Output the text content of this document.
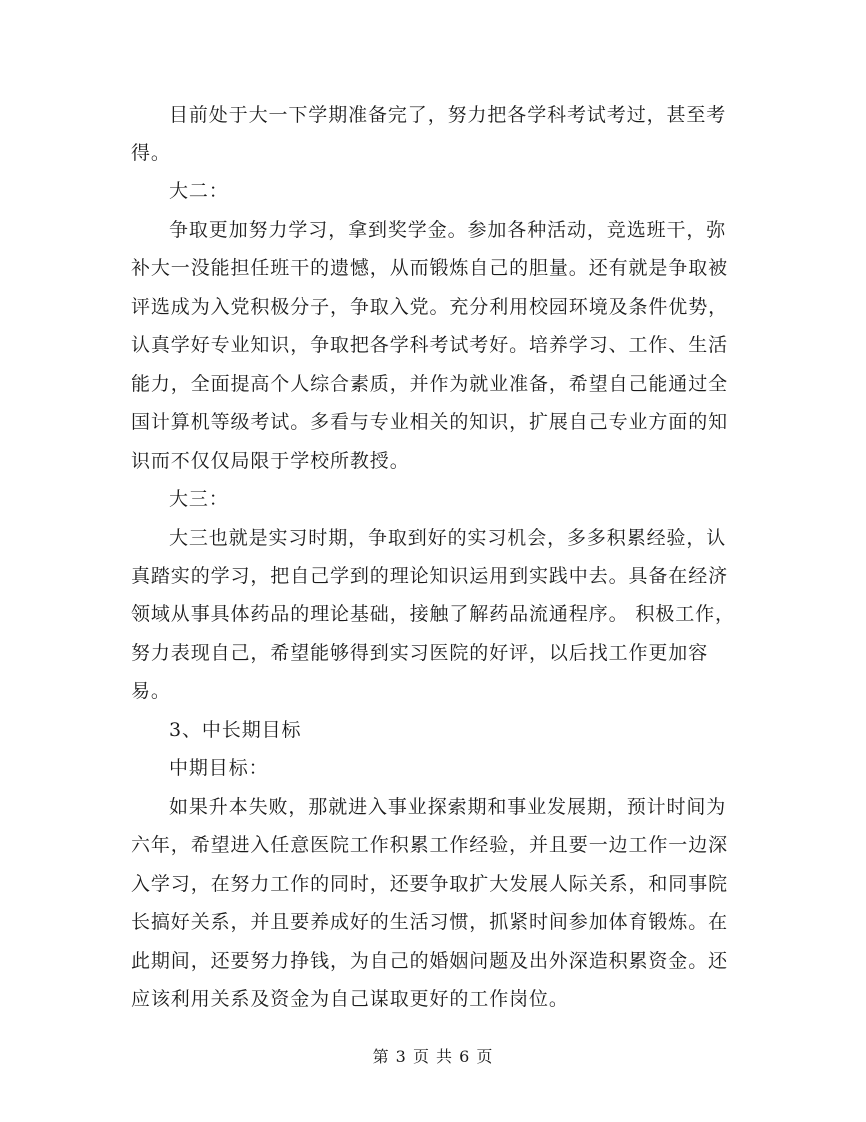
目前处于大一下学期准备完了，努力把各学科考试考过，甚至考
得。
大二：
争取更加努力学习，拿到奖学金。参加各种活动，竞选班干，弥
补大一没能担任班干的遗憾，从而锻炼自己的胆量。还有就是争取被
评选成为入党积极分子，争取入党。充分利用校园环境及条件优势，
认真学好专业知识，争取把各学科考试考好。培养学习、工作、生活
能力，全面提高个人综合素质，并作为就业准备，希望自己能通过全
国计算机等级考试。多看与专业相关的知识，扩展自己专业方面的知
识而不仅仅局限于学校所教授。
大三：
大三也就是实习时期，争取到好的实习机会，多多积累经验，认
真踏实的学习，把自己学到的理论知识运用到实践中去。具备在经济
领域从事具体药品的理论基础，接触了解药品流通程序。 积极工作，
努力表现自己，希望能够得到实习医院的好评，以后找工作更加容
易。
3、中长期目标
中期目标：
如果升本失败，那就进入事业探索期和事业发展期，预计时间为
六年，希望进入任意医院工作积累工作经验，并且要一边工作一边深
入学习，在努力工作的同时，还要争取扩大发展人际关系，和同事院
长搞好关系，并且要养成好的生活习惯，抓紧时间参加体育锻炼。在
此期间，还要努力挣钱，为自己的婚姻问题及出外深造积累资金。还
应该利用关系及资金为自己谋取更好的工作岗位。
第 3 页 共 6 页
